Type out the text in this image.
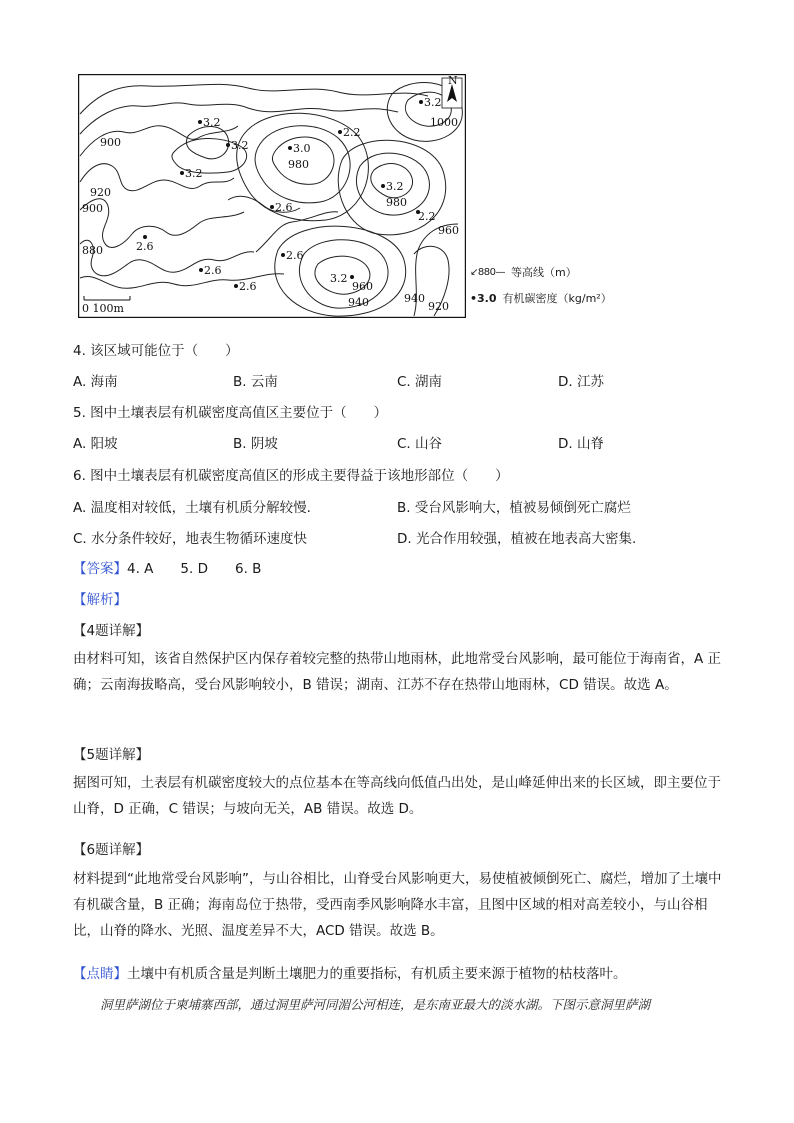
N
0 100m
900
920
900
880
980
1000
980
960
940	940
920
960
3.2
3.2
2.2
3.0
3.2
3.2
3.2
2.2
2.6
2.6
2.6
2.6
2.6
3.2	↙880— 等高线（m）
•3.0 有机碳密度（kg/m²）
4. 该区域可能位于（　　）
A. 海南	B. 云南	C. 湖南	D. 江苏
5. 图中土壤表层有机碳密度高值区主要位于（　　）
A. 阳坡	B. 阴坡	C. 山谷	D. 山脊
6. 图中土壤表层有机碳密度高值区的形成主要得益于该地形部位（　　）
A. 温度相对较低，土壤有机质分解较慢.	B. 受台风影响大，植被易倾倒死亡腐烂
C. 水分条件较好，地表生物循环速度快	D. 光合作用较强，植被在地表高大密集.
【答案】4. A　　5. D　　6. B
【解析】
【4题详解】
由材料可知，该省自然保护区内保存着较完整的热带山地雨林，此地常受台风影响，最可能位于海南省，A 正确；云南海拔略高，受台风影响较小，B 错误；湖南、江苏不存在热带山地雨林，CD 错误。故选 A。
【5题详解】
据图可知，土表层有机碳密度较大的点位基本在等高线向低值凸出处，是山峰延伸出来的长区域，即主要位于山脊，D 正确，C 错误；与坡向无关，AB 错误。故选 D。
【6题详解】
材料提到“此地常受台风影响”，与山谷相比，山脊受台风影响更大，易使植被倾倒死亡、腐烂，增加了土壤中有机碳含量，B 正确；海南岛位于热带，受西南季风影响降水丰富，且图中区域的相对高差较小，与山谷相比，山脊的降水、光照、温度差异不大，ACD 错误。故选 B。
【点睛】土壤中有机质含量是判断土壤肥力的重要指标，有机质主要来源于植物的枯枝落叶。
洞里萨湖位于柬埔寨西部，通过洞里萨河同湄公河相连，是东南亚最大的淡水湖。下图示意洞里萨湖
